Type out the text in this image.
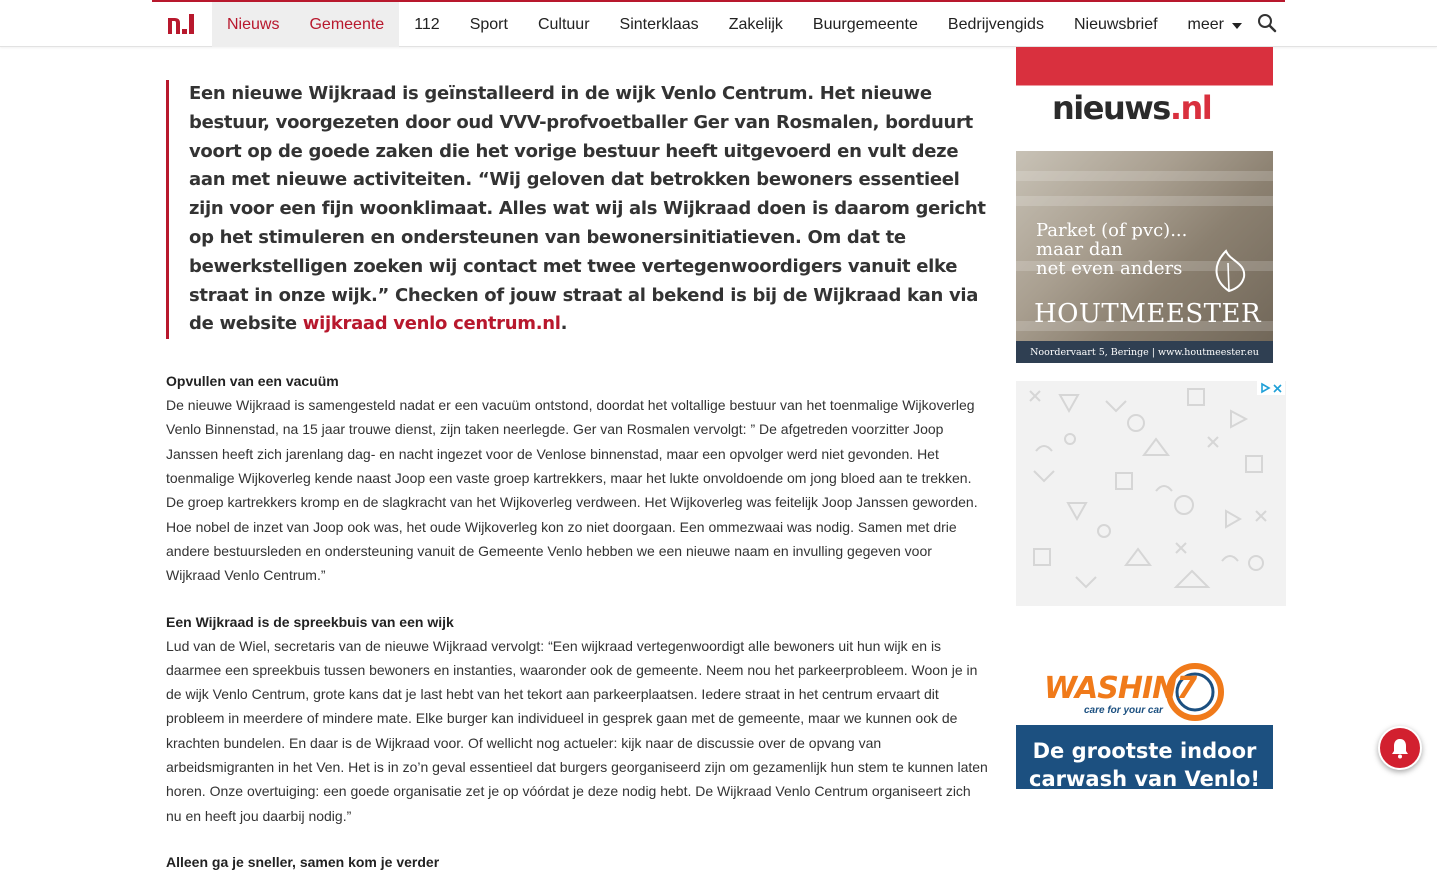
Nieuws	Gemeente	112	Sport	Cultuur	Sinterklaas	Zakelijk	Buurgemeente	Bedrijvengids	Nieuwsbrief	meer
Een nieuwe Wijkraad is geïnstalleerd in de wijk Venlo Centrum. Het nieuwe bestuur, voorgezeten door oud VVV-profvoetballer Ger van Rosmalen, borduurt voort op de goede zaken die het vorige bestuur heeft uitgevoerd en vult deze aan met nieuwe activiteiten. “Wij geloven dat betrokken bewoners essentieel zijn voor een fijn woonklimaat. Alles wat wij als Wijkraad doen is daarom gericht op het stimuleren en ondersteunen van bewonersinitiatieven. Om dat te bewerkstelligen zoeken wij contact met twee vertegenwoordigers vanuit elke straat in onze wijk.” Checken of jouw straat al bekend is bij de Wijkraad kan via de website wijkraad venlo centrum.nl.
Opvullen van een vacuüm

De nieuwe Wijkraad is samengesteld nadat er een vacuüm ontstond, doordat het voltallige bestuur van het toenmalige Wijkoverleg Venlo Binnenstad, na 15 jaar trouwe dienst, zijn taken neerlegde. Ger van Rosmalen vervolgt: ” De afgetreden voorzitter Joop Janssen heeft zich jarenlang dag- en nacht ingezet voor de Venlose binnenstad, maar een opvolger werd niet gevonden. Het toenmalige Wijkoverleg kende naast Joop een vaste groep kartrekkers, maar het lukte onvoldoende om jong bloed aan te trekken. De groep kartrekkers kromp en de slagkracht van het Wijkoverleg verdween. Het Wijkoverleg was feitelijk Joop Janssen geworden. Hoe nobel de inzet van Joop ook was, het oude Wijkoverleg kon zo niet doorgaan. Een ommezwaai was nodig. Samen met drie andere bestuursleden en ondersteuning vanuit de Gemeente Venlo hebben we een nieuwe naam en invulling gegeven voor Wijkraad Venlo Centrum.”

Een Wijkraad is de spreekbuis van een wijk

Lud van de Wiel, secretaris van de nieuwe Wijkraad vervolgt: “Een wijkraad vertegenwoordigt alle bewoners uit hun wijk en is daarmee een spreekbuis tussen bewoners en instanties, waaronder ook de gemeente. Neem nou het parkeerprobleem. Woon je in de wijk Venlo Centrum, grote kans dat je last hebt van het tekort aan parkeerplaatsen. Iedere straat in het centrum ervaart dit probleem in meerdere of mindere mate. Elke burger kan individueel in gesprek gaan met de gemeente, maar we kunnen ook de krachten bundelen. En daar is de Wijkraad voor. Of wellicht nog actueler: kijk naar de discussie over de opvang van arbeidsmigranten in het Ven. Het is in zo’n geval essentieel dat burgers georganiseerd zijn om gezamenlijk hun stem te kunnen laten horen. Onze overtuiging: een goede organisatie zet je op vóórdat je deze nodig hebt. De Wijkraad Venlo Centrum organiseert zich nu en heeft jou daarbij nodig.”

Alleen ga je sneller, samen kom je verder
nieuws.nl
Parket (of pvc)...
maar dan
net even anders
HOUTMEESTER
Noordervaart 5, Beringe | www.houtmeester.eu
WASHIN7
care for your car
De grootste indoor
carwash van Venlo!
